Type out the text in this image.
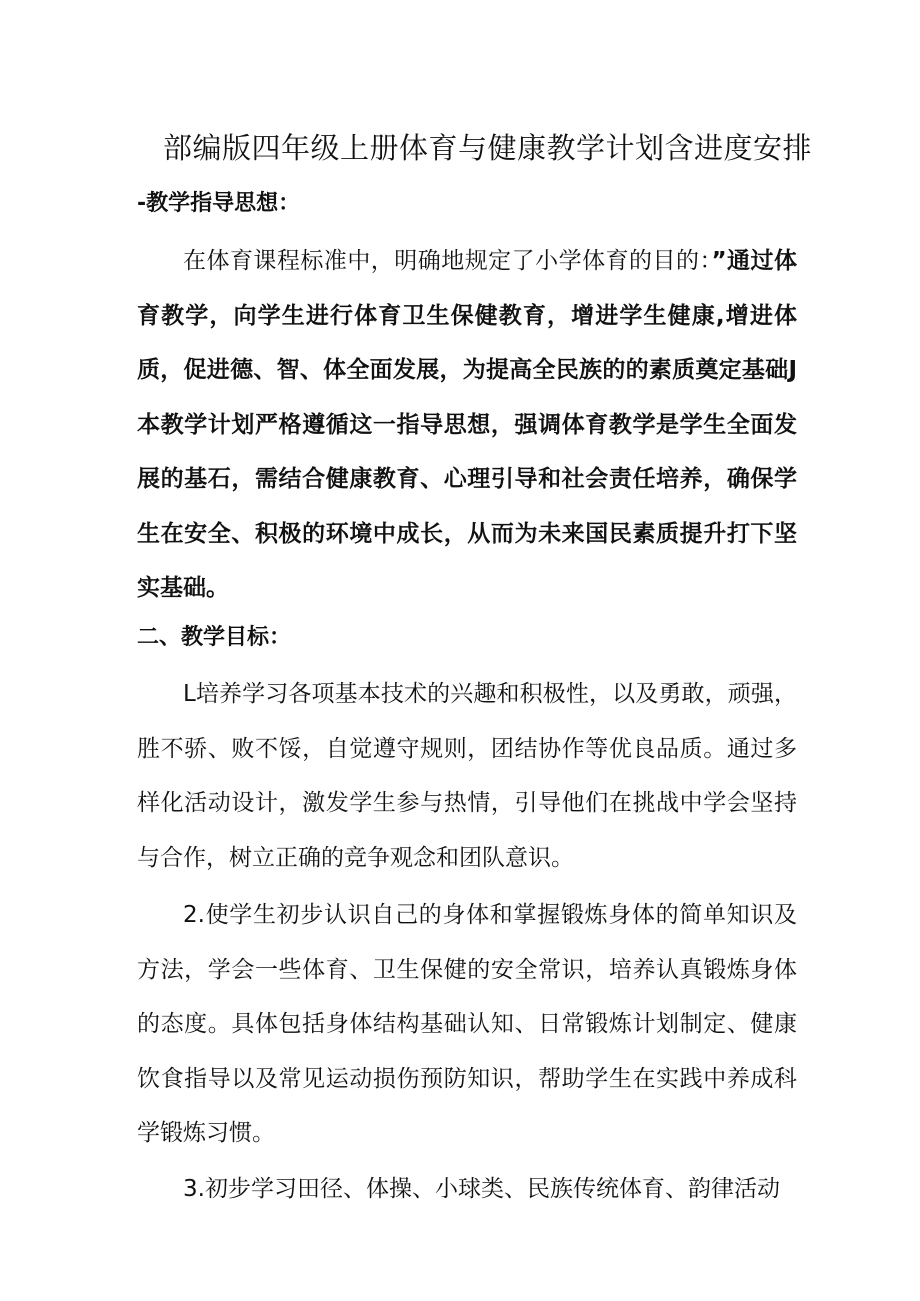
部编版四年级上册体育与健康教学计划含进度安排
-教学指导思想：

在体育课程标准中，明确地规定了小学体育的目的：”通过体育教学，向学生进行体育卫生保健教育，增进学生健康,增进体质，促进德、智、体全面发展，为提高全民族的的素质奠定基础J本教学计划严格遵循这一指导思想，强调体育教学是学生全面发展的基石，需结合健康教育、心理引导和社会责任培养，确保学生在安全、积极的环境中成长，从而为未来国民素质提升打下坚实基础。

二、教学目标：

L培养学习各项基本技术的兴趣和积极性，以及勇敢，顽强，胜不骄、败不馁，自觉遵守规则，团结协作等优良品质。通过多样化活动设计，激发学生参与热情，引导他们在挑战中学会坚持与合作，树立正确的竞争观念和团队意识。

2.使学生初步认识自己的身体和掌握锻炼身体的简单知识及方法，学会一些体育、卫生保健的安全常识，培养认真锻炼身体的态度。具体包括身体结构基础认知、日常锻炼计划制定、健康饮食指导以及常见运动损伤预防知识，帮助学生在实践中养成科学锻炼习惯。

3.初步学习田径、体操、小球类、民族传统体育、韵律活动
